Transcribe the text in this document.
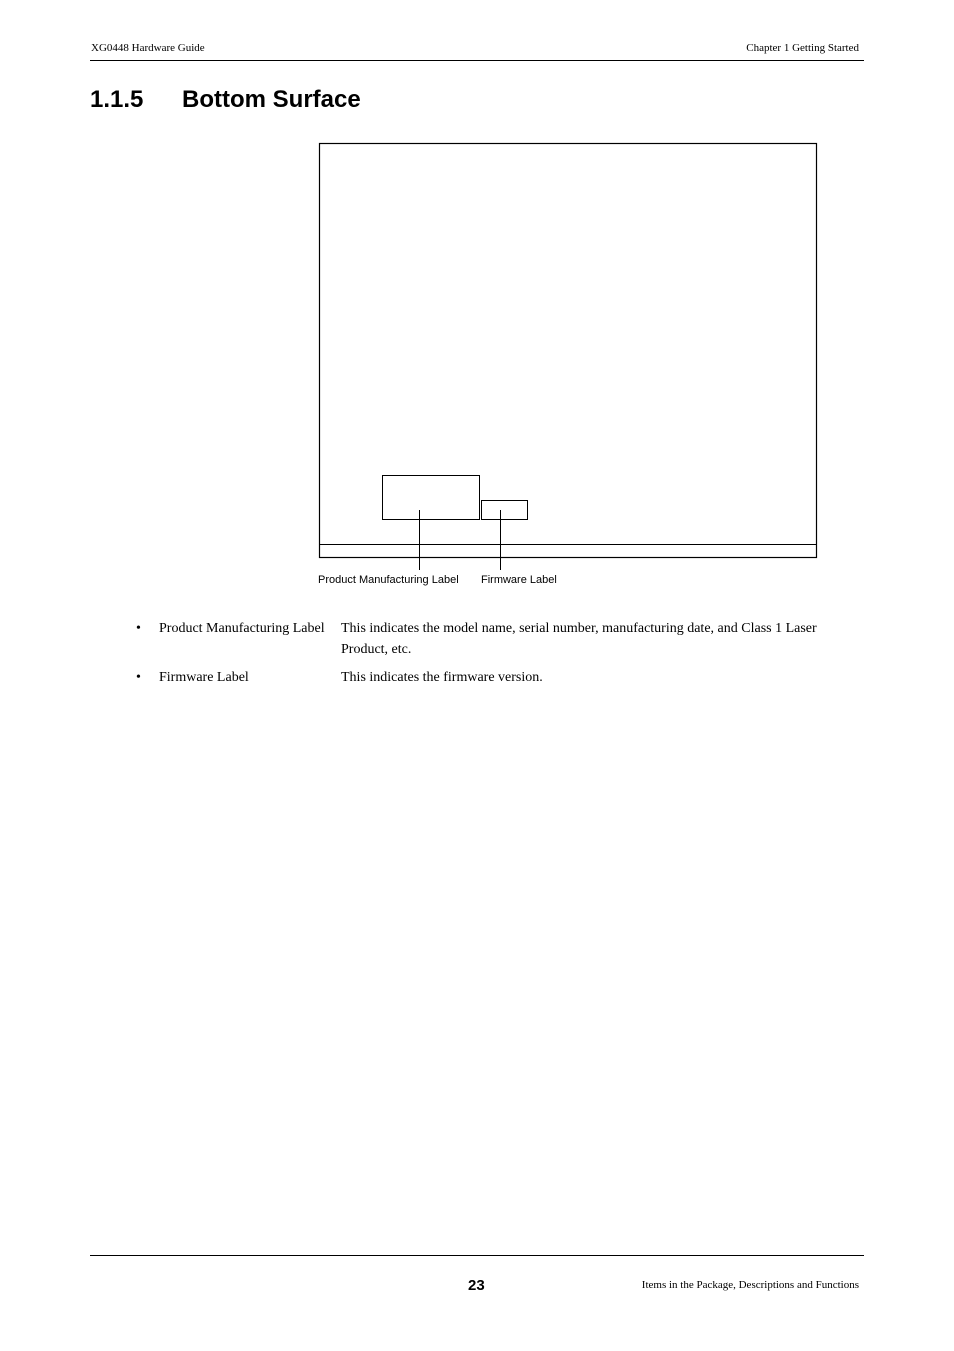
XG0448 Hardware Guide	Chapter 1 Getting Started
1.1.5 Bottom Surface
Product Manufacturing Label Firmware Label
• Product Manufacturing Label This indicates the model name, serial number, manufacturing date, and Class 1 Laser Product, etc.
• Firmware Label	This indicates the firmware version.
23	Items in the Package, Descriptions and Functions
